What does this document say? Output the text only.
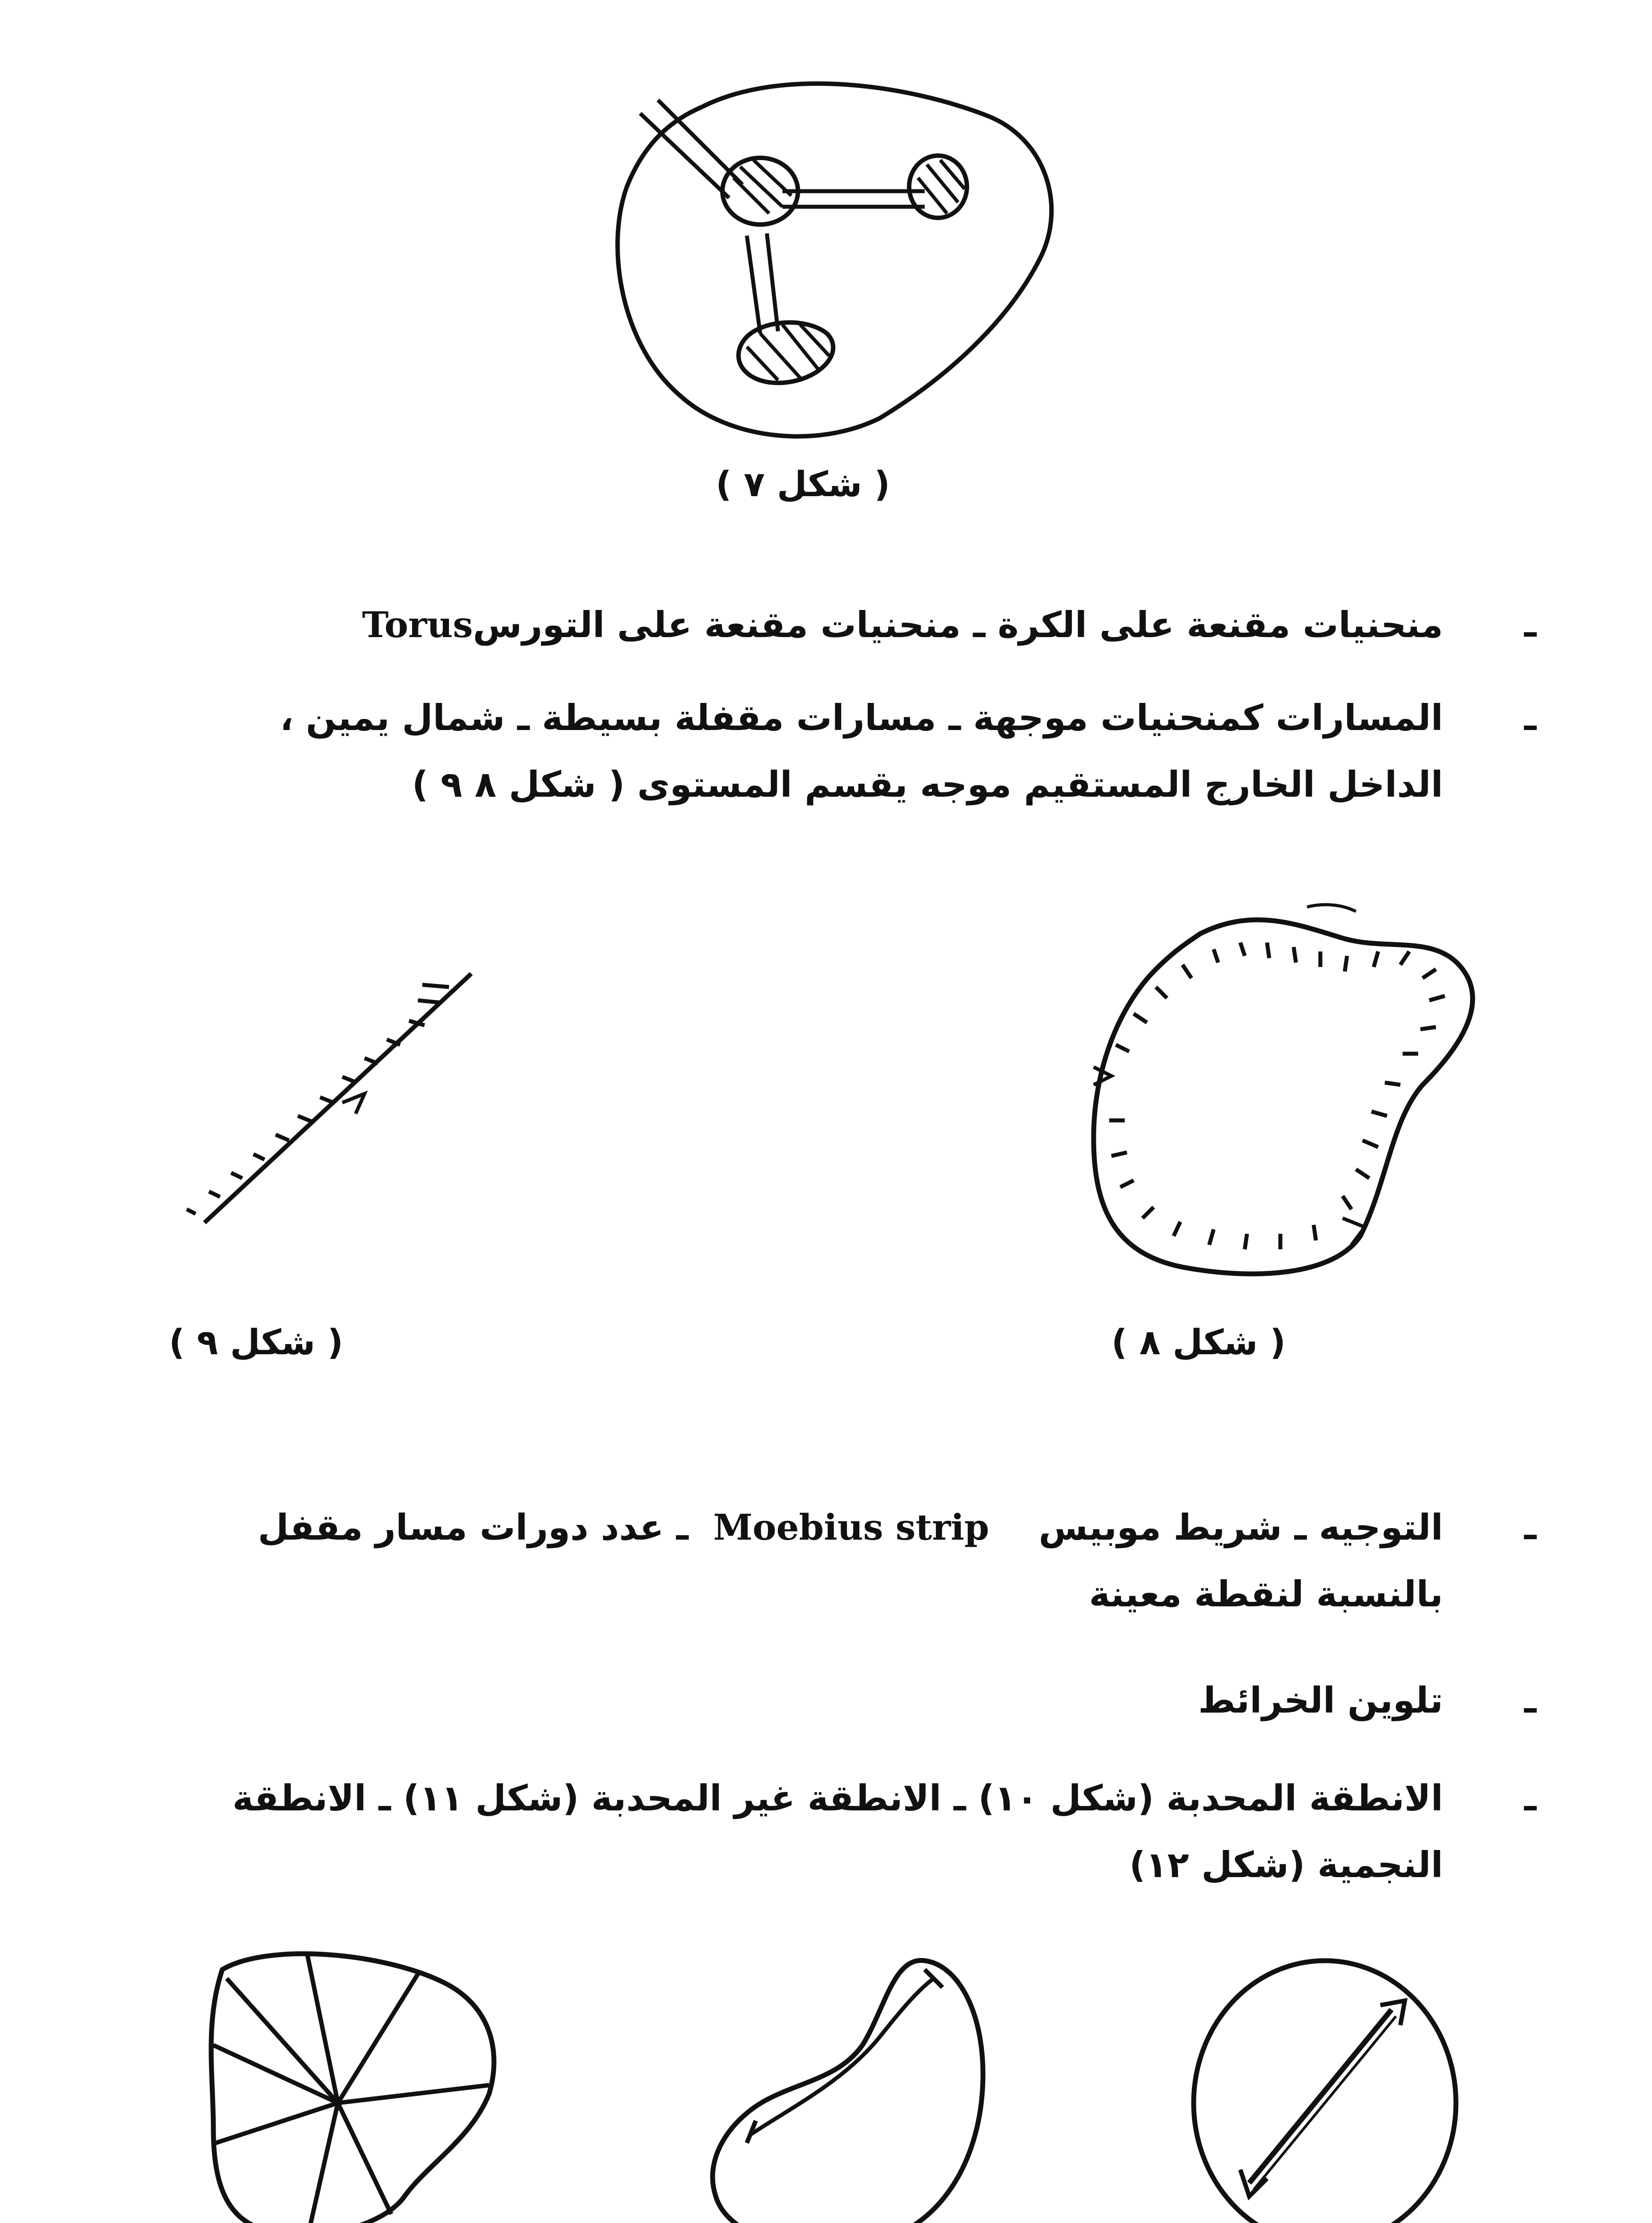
( شكل ٧ )
ـ
منحنيات مقنعة على الكرة ـ منحنيات مقنعة على التورسTorus
ـ
المسارات كمنحنيات موجهة ـ مسارات مقفلة بسيطة ـ شمال يمين ،
الداخل الخارج المستقيم موجه يقسم المستوى ( شكل ٨ ٩ )
( شكل ٩ )	( شكل ٨ )
ـ
التوجيه ـ شريط موبيس    Moebius strip  ـ عدد دورات مسار مقفل
بالنسبة لنقطة معينة
ـ
تلوين الخرائط
ـ
الانطقة المحدبة (شكل ١٠) ـ الانطقة غير المحدبة (شكل ١١) ـ الانطقة
النجمية (شكل ١٢)
